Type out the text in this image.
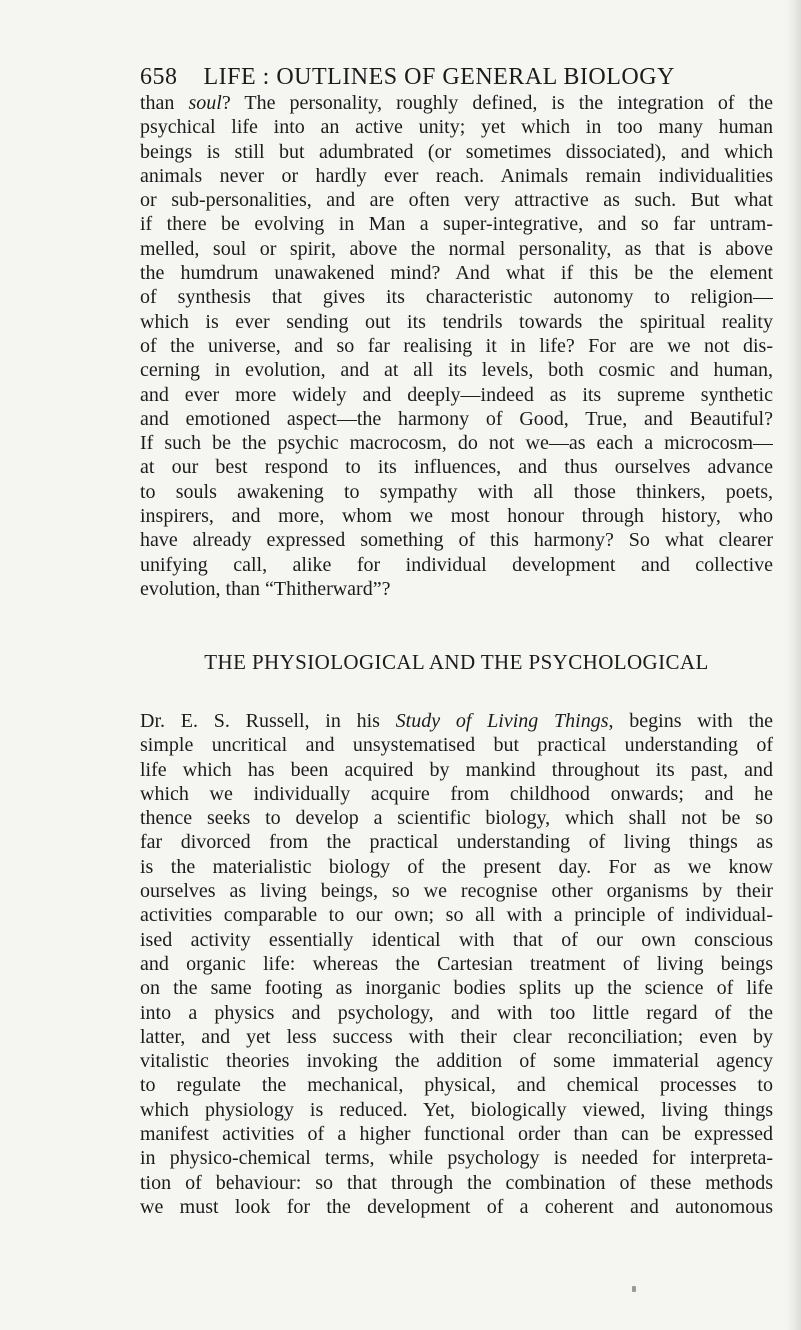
658 LIFE : OUTLINES OF GENERAL BIOLOGY
than soul? The personality, roughly defined, is the integration of the
psychical life into an active unity; yet which in too many human
beings is still but adumbrated (or sometimes dissociated), and which
animals never or hardly ever reach. Animals remain individualities
or sub-personalities, and are often very attractive as such. But what
if there be evolving in Man a super-integrative, and so far untram-
melled, soul or spirit, above the normal personality, as that is above
the humdrum unawakened mind? And what if this be the element
of synthesis that gives its characteristic autonomy to religion—
which is ever sending out its tendrils towards the spiritual reality
of the universe, and so far realising it in life? For are we not dis-
cerning in evolution, and at all its levels, both cosmic and human,
and ever more widely and deeply—indeed as its supreme synthetic
and emotioned aspect—the harmony of Good, True, and Beautiful?
If such be the psychic macrocosm, do not we—as each a microcosm—
at our best respond to its influences, and thus ourselves advance
to souls awakening to sympathy with all those thinkers, poets,
inspirers, and more, whom we most honour through history, who
have already expressed something of this harmony? So what clearer
unifying call, alike for individual development and collective
evolution, than “Thitherward”?
THE PHYSIOLOGICAL AND THE PSYCHOLOGICAL
Dr. E. S. Russell, in his Study of Living Things, begins with the
simple uncritical and unsystematised but practical understanding of
life which has been acquired by mankind throughout its past, and
which we individually acquire from childhood onwards; and he
thence seeks to develop a scientific biology, which shall not be so
far divorced from the practical understanding of living things as
is the materialistic biology of the present day. For as we know
ourselves as living beings, so we recognise other organisms by their
activities comparable to our own; so all with a principle of individual-
ised activity essentially identical with that of our own conscious
and organic life: whereas the Cartesian treatment of living beings
on the same footing as inorganic bodies splits up the science of life
into a physics and psychology, and with too little regard of the
latter, and yet less success with their clear reconciliation; even by
vitalistic theories invoking the addition of some immaterial agency
to regulate the mechanical, physical, and chemical processes to
which physiology is reduced. Yet, biologically viewed, living things
manifest activities of a higher functional order than can be expressed
in physico-chemical terms, while psychology is needed for interpreta-
tion of behaviour: so that through the combination of these methods
we must look for the development of a coherent and autonomous
